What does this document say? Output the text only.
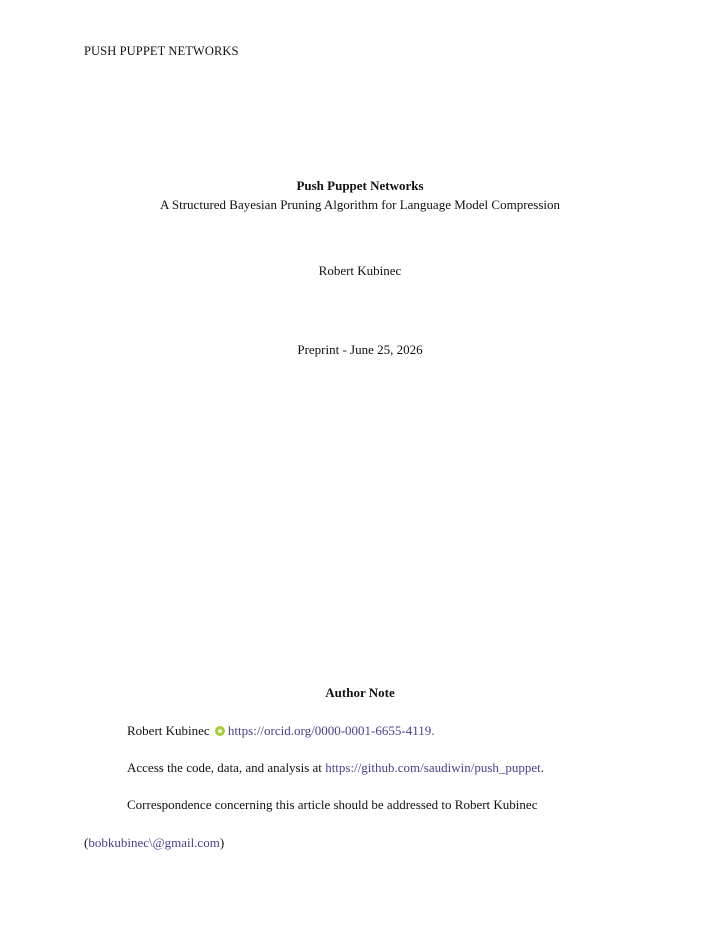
PUSH PUPPET NETWORKS
Push Puppet Networks
A Structured Bayesian Pruning Algorithm for Language Model Compression
Robert Kubinec
Preprint - June 25, 2026
Author Note
Robert Kubinec https://orcid.org/0000-0001-6655-4119.
Access the code, data, and analysis at https://github.com/saudiwin/push_puppet.
Correspondence concerning this article should be addressed to Robert Kubinec
(bobkubinec\@gmail.com)
